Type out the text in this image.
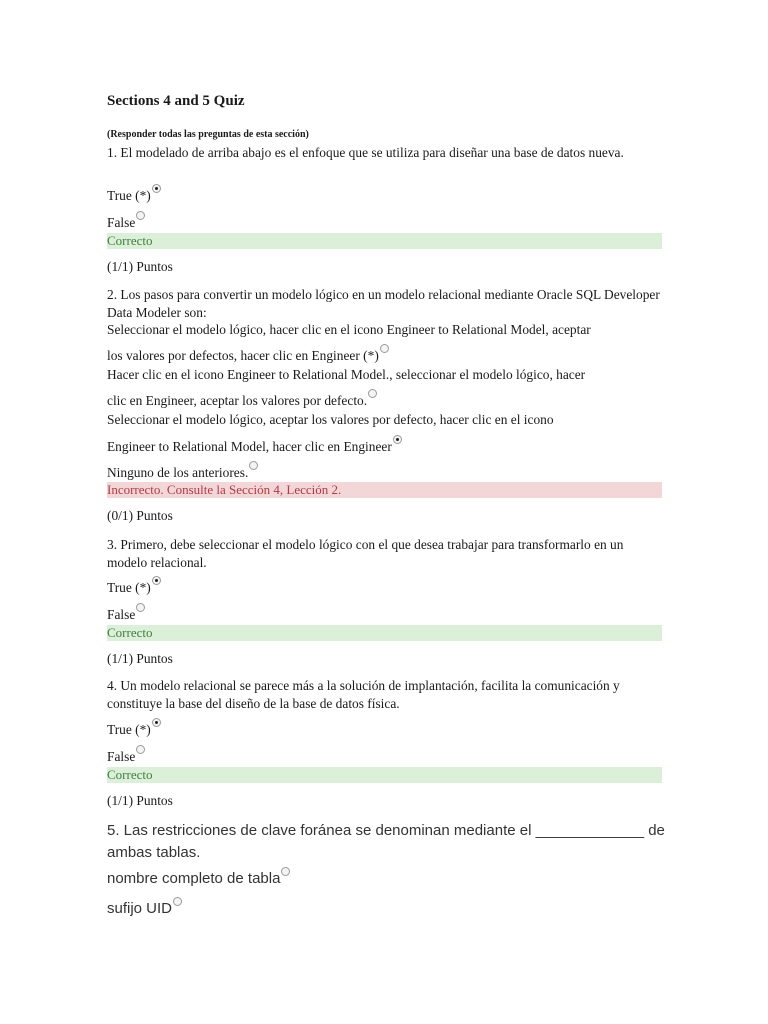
Sections 4 and 5 Quiz
(Responder todas las preguntas de esta sección)
1. El modelado de arriba abajo es el enfoque que se utiliza para diseñar una base de datos nueva.
True (*)
False
Correcto
(1/1) Puntos
2. Los pasos para convertir un modelo lógico en un modelo relacional mediante Oracle SQL Developer Data Modeler son:
Seleccionar el modelo lógico, hacer clic en el icono Engineer to Relational Model, aceptar
los valores por defectos, hacer clic en Engineer (*)
Hacer clic en el icono Engineer to Relational Model., seleccionar el modelo lógico, hacer
clic en Engineer, aceptar los valores por defecto.
Seleccionar el modelo lógico, aceptar los valores por defecto, hacer clic en el icono
Engineer to Relational Model, hacer clic en Engineer
Ninguno de los anteriores.
Incorrecto. Consulte la Sección 4, Lección 2.
(0/1) Puntos
3. Primero, debe seleccionar el modelo lógico con el que desea trabajar para transformarlo en un modelo relacional.
True (*)
False
Correcto
(1/1) Puntos
4. Un modelo relacional se parece más a la solución de implantación, facilita la comunicación y constituye la base del diseño de la base de datos física.
True (*)
False
Correcto
(1/1) Puntos
5. Las restricciones de clave foránea se denominan mediante el _____________ de ambas tablas.
nombre completo de tabla
sufijo UID
